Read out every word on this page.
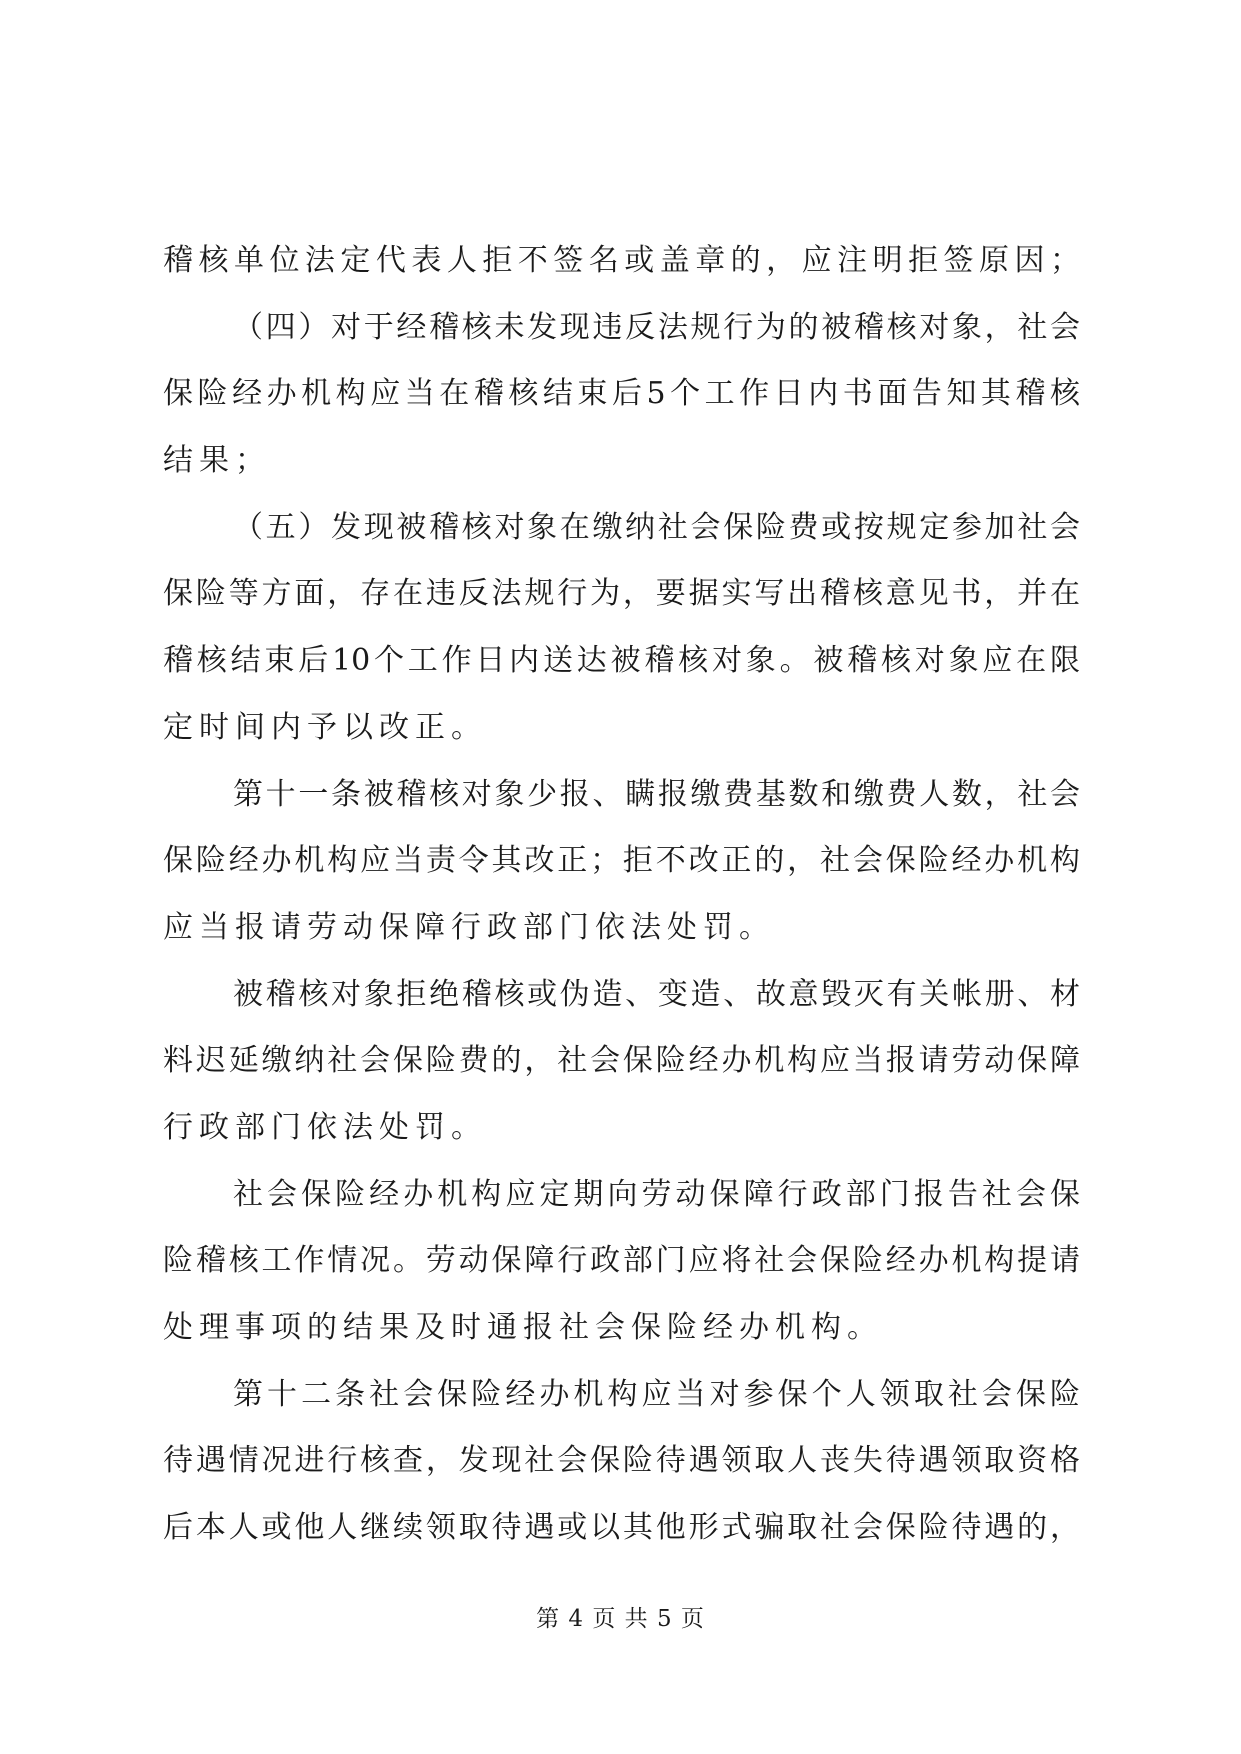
稽核单位法定代表人拒不签名或盖章的，应注明拒签原因；
（四）对于经稽核未发现违反法规行为的被稽核对象，社会
保险经办机构应当在稽核结束后5个工作日内书面告知其稽核
结果；
（五）发现被稽核对象在缴纳社会保险费或按规定参加社会
保险等方面，存在违反法规行为，要据实写出稽核意见书，并在
稽核结束后10个工作日内送达被稽核对象。被稽核对象应在限
定时间内予以改正。
第十一条被稽核对象少报、瞒报缴费基数和缴费人数，社会
保险经办机构应当责令其改正；拒不改正的，社会保险经办机构
应当报请劳动保障行政部门依法处罚。
被稽核对象拒绝稽核或伪造、变造、故意毁灭有关帐册、材
料迟延缴纳社会保险费的，社会保险经办机构应当报请劳动保障
行政部门依法处罚。
社会保险经办机构应定期向劳动保障行政部门报告社会保
险稽核工作情况。劳动保障行政部门应将社会保险经办机构提请
处理事项的结果及时通报社会保险经办机构。
第十二条社会保险经办机构应当对参保个人领取社会保险
待遇情况进行核查，发现社会保险待遇领取人丧失待遇领取资格
后本人或他人继续领取待遇或以其他形式骗取社会保险待遇的，
第 4 页 共 5 页
